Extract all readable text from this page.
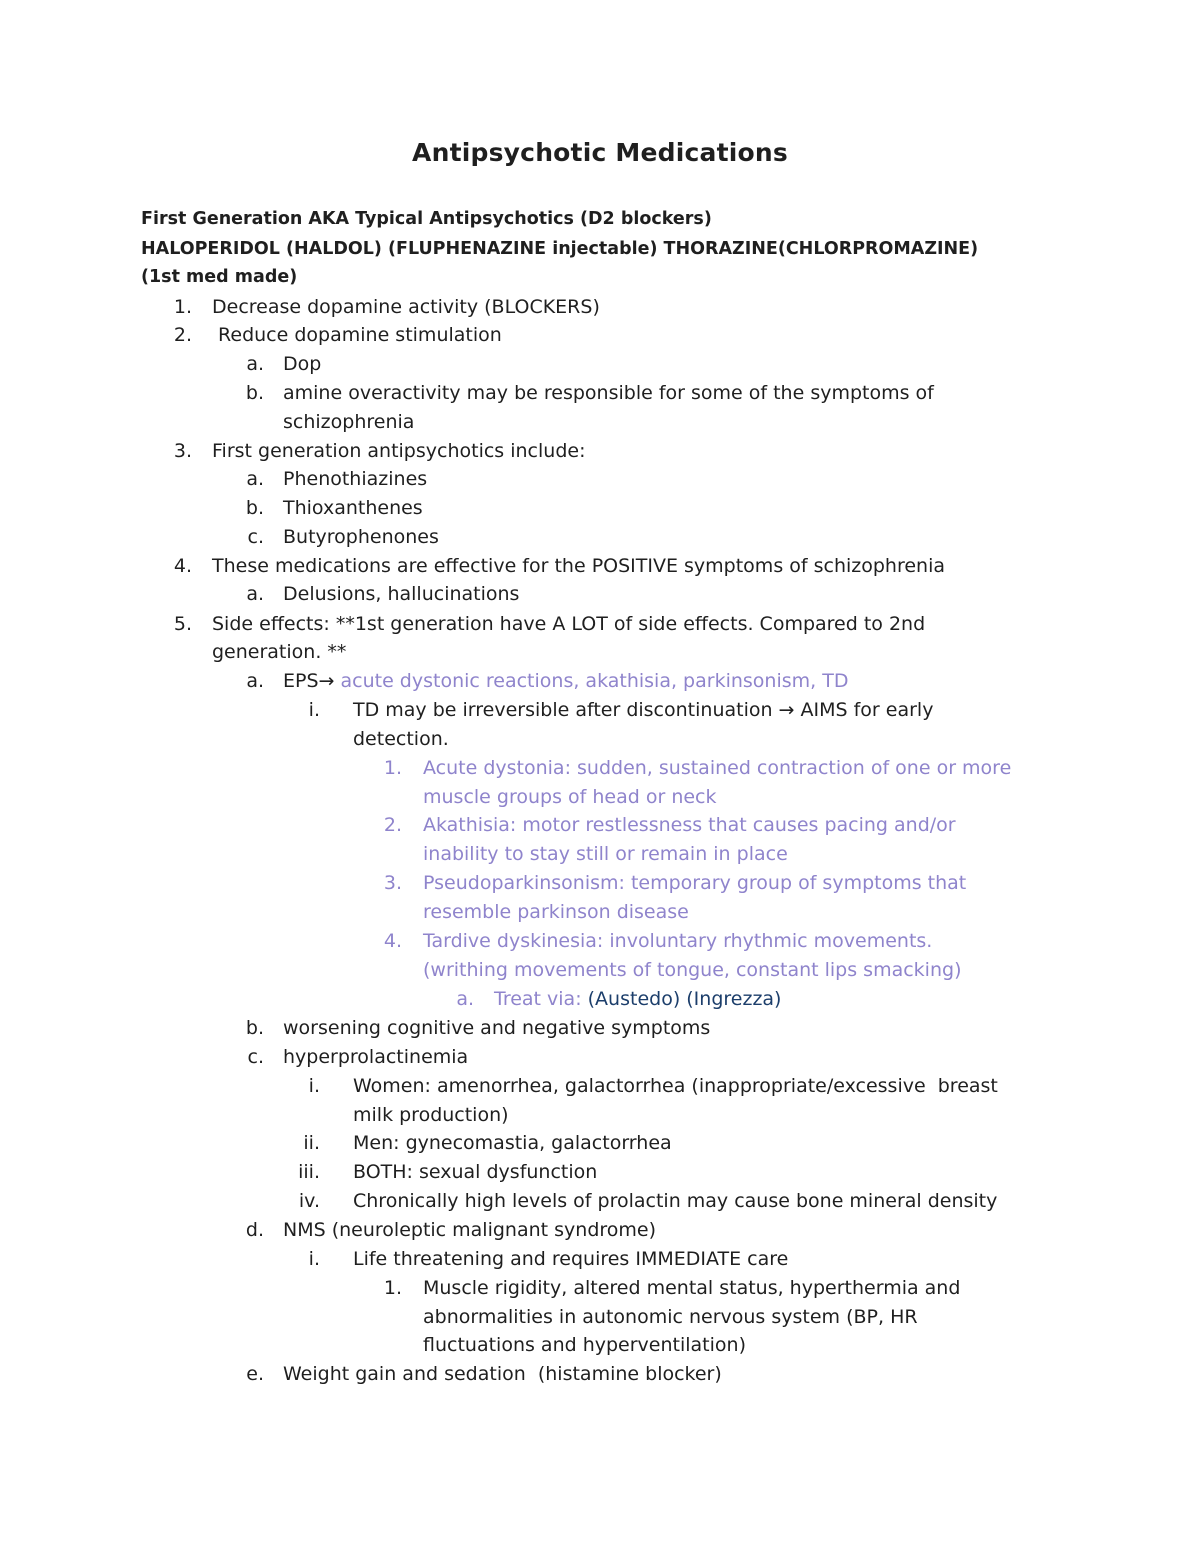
Antipsychotic Medications
First Generation AKA Typical Antipsychotics (D2 blockers)
HALOPERIDOL (HALDOL) (FLUPHENAZINE injectable) THORAZINE(CHLORPROMAZINE)
(1st med made)
1. Decrease dopamine activity (BLOCKERS)
2. Reduce dopamine stimulation
a. Dop
b. amine overactivity may be responsible for some of the symptoms of
schizophrenia
3. First generation antipsychotics include:
a. Phenothiazines
b. Thioxanthenes
c. Butyrophenones
4. These medications are effective for the POSITIVE symptoms of schizophrenia
a. Delusions, hallucinations
5. Side effects: **1st generation have A LOT of side effects. Compared to 2nd
generation. **
a. EPS→ acute dystonic reactions, akathisia, parkinsonism, TD
i. TD may be irreversible after discontinuation → AIMS for early
detection.
1. Acute dystonia: sudden, sustained contraction of one or more
muscle groups of head or neck
2. Akathisia: motor restlessness that causes pacing and/or
inability to stay still or remain in place
3. Pseudoparkinsonism: temporary group of symptoms that
resemble parkinson disease
4. Tardive dyskinesia: involuntary rhythmic movements.
(writhing movements of tongue, constant lips smacking)
a. Treat via: (Austedo) (Ingrezza)
b. worsening cognitive and negative symptoms
c. hyperprolactinemia
i. Women: amenorrhea, galactorrhea (inappropriate/excessive  breast
milk production)
ii. Men: gynecomastia, galactorrhea
iii. BOTH: sexual dysfunction
iv. Chronically high levels of prolactin may cause bone mineral density
d. NMS (neuroleptic malignant syndrome)
i. Life threatening and requires IMMEDIATE care
1. Muscle rigidity, altered mental status, hyperthermia and
abnormalities in autonomic nervous system (BP, HR
fluctuations and hyperventilation)
e. Weight gain and sedation  (histamine blocker)
